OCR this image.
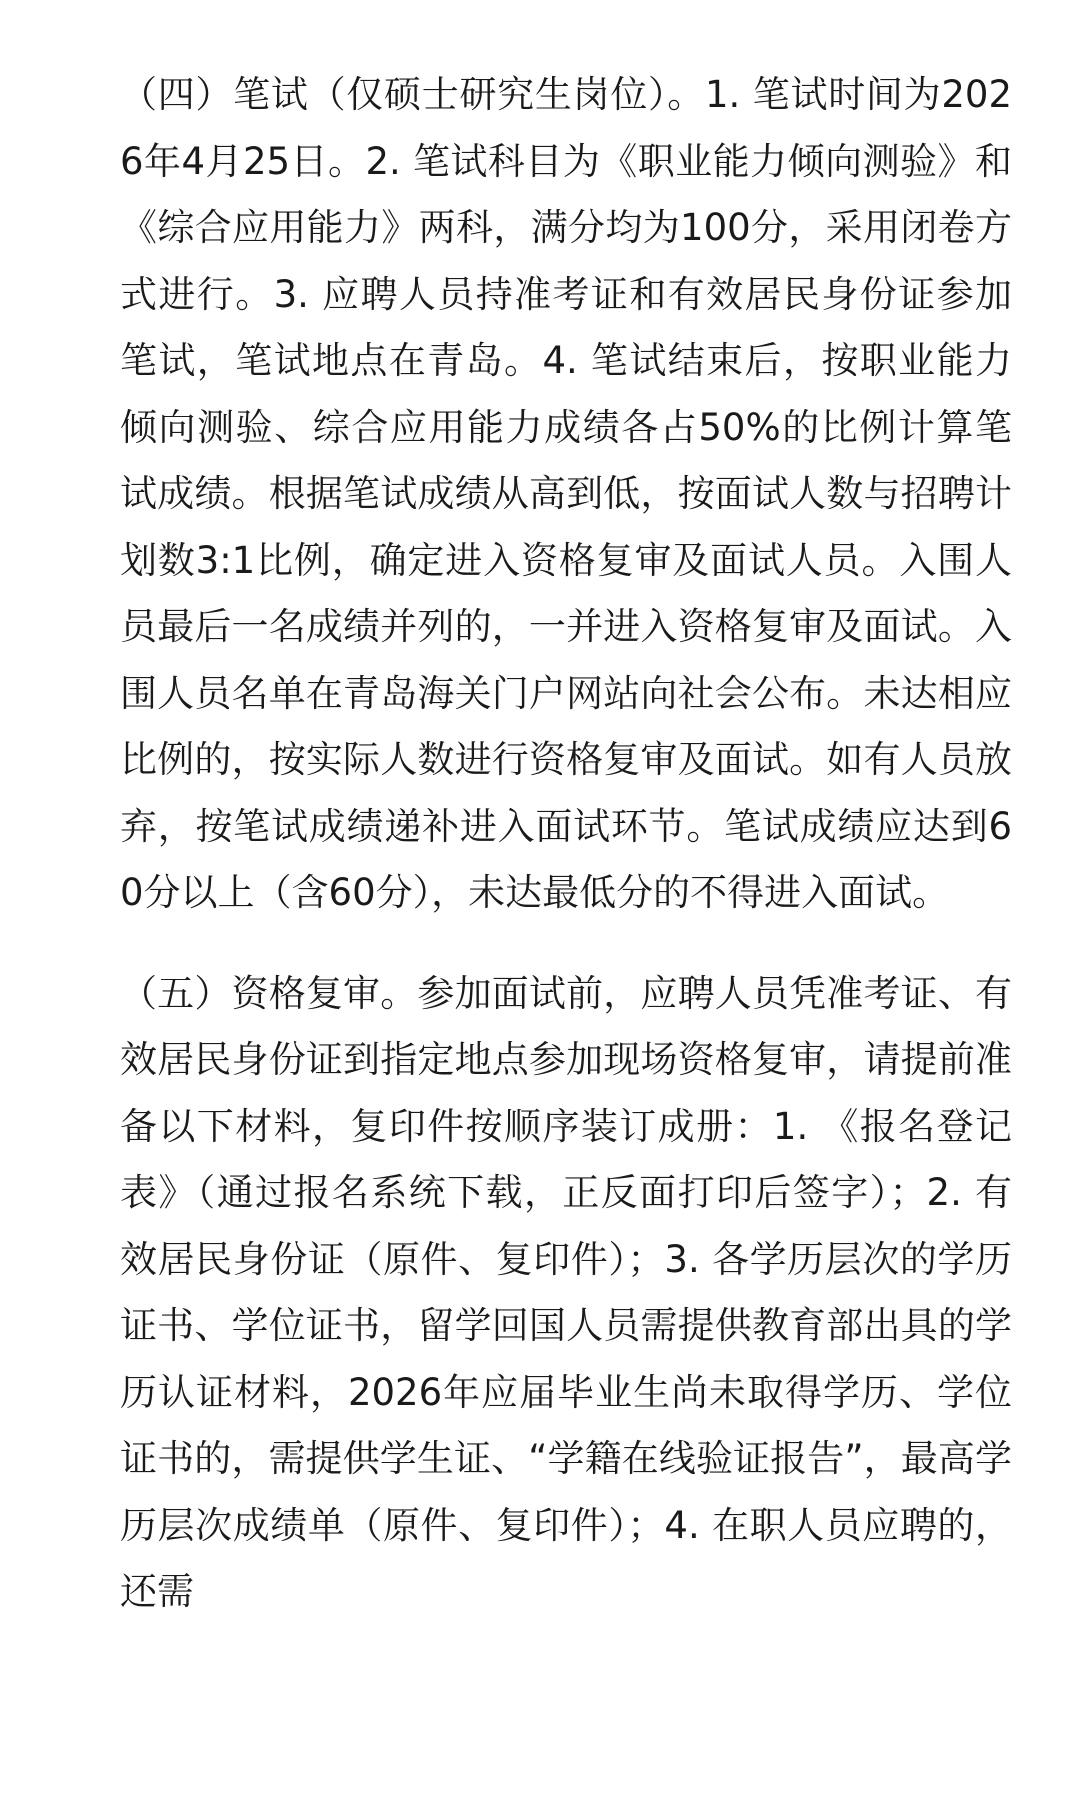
（四）笔试（仅硕士研究生岗位）。1. 笔试时间为2026年4月25日。2. 笔试科目为《职业能力倾向测验》和《综合应用能力》两科，满分均为100分，采用闭卷方式进行。3. 应聘人员持准考证和有效居民身份证参加笔试，笔试地点在青岛。4. 笔试结束后，按职业能力倾向测验、综合应用能力成绩各占50%的比例计算笔试成绩。根据笔试成绩从高到低，按面试人数与招聘计划数3:1比例，确定进入资格复审及面试人员。入围人员最后一名成绩并列的，一并进入资格复审及面试。入围人员名单在青岛海关门户网站向社会公布。未达相应比例的，按实际人数进行资格复审及面试。如有人员放弃，按笔试成绩递补进入面试环节。笔试成绩应达到60分以上（含60分），未达最低分的不得进入面试。

（五）资格复审。参加面试前，应聘人员凭准考证、有效居民身份证到指定地点参加现场资格复审，请提前准备以下材料，复印件按顺序装订成册：1. 《报名登记表》（通过报名系统下载，正反面打印后签字）；2. 有效居民身份证（原件、复印件）；3. 各学历层次的学历证书、学位证书，留学回国人员需提供教育部出具的学历认证材料，2026年应届毕业生尚未取得学历、学位证书的，需提供学生证、“学籍在线验证报告”，最高学历层次成绩单（原件、复印件）；4. 在职人员应聘的，还需
